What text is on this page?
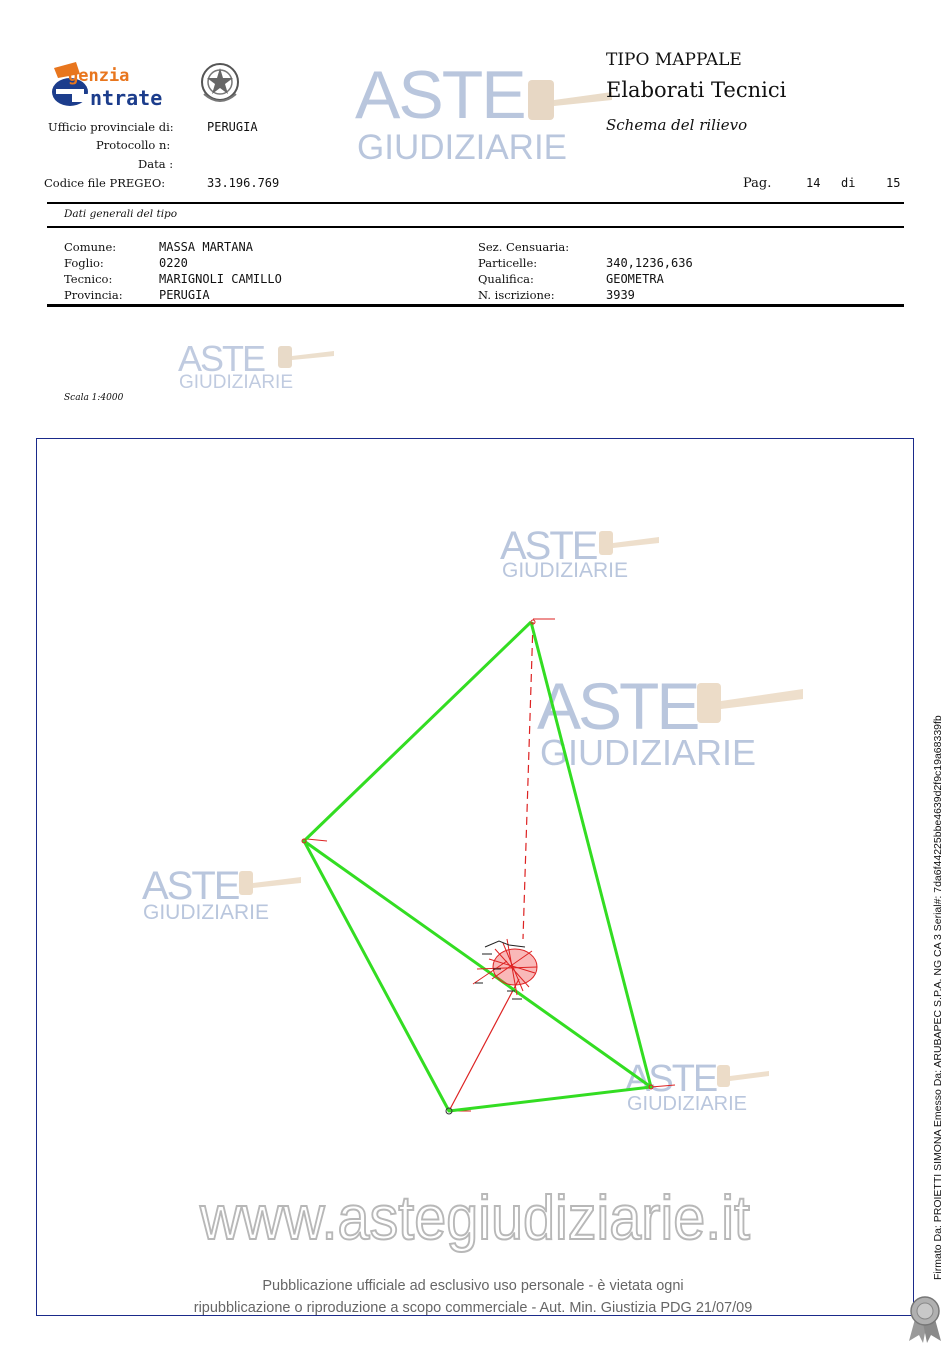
genzia
ntrate	ASTE
GIUDIZIARIE
TIPO MAPPALE
Elaborati Tecnici
Schema del rilievo
Ufficio provinciale di:	PERUGIA
Protocollo n:
Data :
Codice file PREGEO:	33.196.769	Pag.	14 di	15
Dati generali del tipo
Comune:	MASSA MARTANA
Foglio:	0220
Tecnico:	MARIGNOLI CAMILLO
Provincia:	PERUGIA
Sez. Censuaria:
Particelle:	340,1236,636
Qualifica:	GEOMETRA
N. iscrizione:	3939
ASTE
GIUDIZIARIE
Scala 1:4000
ASTE
GIUDIZIARIE
ASTE
GIUDIZIARIE
ASTE
GIUDIZIARIE
ASTE
GIUDIZIARIE
www.astegiudiziarie.it
Pubblicazione ufficiale ad esclusivo uso personale - è vietata ogni
ripubblicazione o riproduzione a scopo commerciale - Aut. Min. Giustizia PDG 21/07/09
Firmato Da: PROIETTI SIMONA Emesso Da: ARUBAPEC S.P.A. NG CA 3 Serial#: 7da6f44225bbe4639d2f9c19a68339fb
